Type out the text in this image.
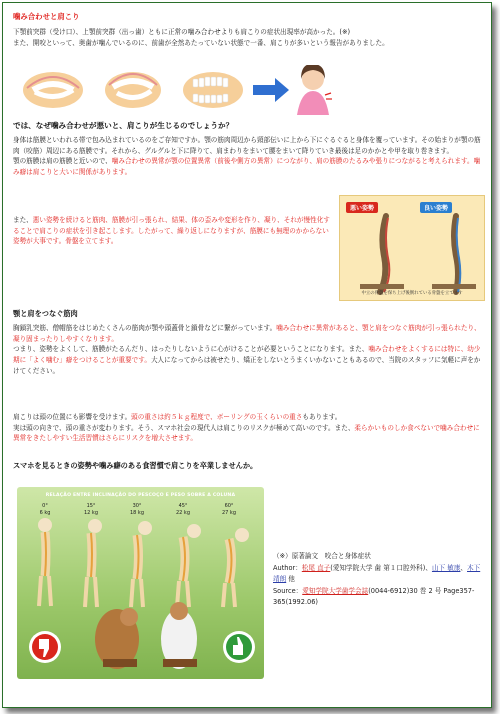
噛み合わせと肩こり

下顎前突群（受け口）、上顎前突群（出っ歯）ともに正常の噛み合わせよりも肩こりの症状出現率が高かった。(※)

また、開咬といって、奥歯が噛んでいるのに、前歯が全然あたっていない状態で一番、肩こりが多いという報告がありました。

では、なぜ噛み合わせが悪いと、肩こりが生じるのでしょうか？

身体は筋膜といわれる帯で包み込まれているのをご存知ですか。顎の筋肉周辺から頸部伝いに上から下にぐるぐると身体を覆っています。その始まりが顎の筋肉（咬筋）周辺にある筋膜です。それから、グルグルと下に降りて、肩まわりをまいて腰をまいて降りていき最後は足のかかとや甲を取り巻きます。

顎の筋膜は肩の筋膜と近いので、噛み合わせの異常が顎の位置異常（前後や側方の異常）につながり、肩の筋膜のたるみや張りにつながると考えられます。噛み癖は肩こりと大いに関係があります。

また、悪い姿勢を続けると筋肉、筋膜が引っ張られ、結果、体の歪みや変形を作り、凝り、それが慢性化することで肩こりの症状を引き起こします。したがって、繰り返しになりますが、筋膜にも無理のかからない姿勢が大事です。骨盤を立てます。

悪い姿勢	良い姿勢
中立の骨盤を保ち上げ後倒れている骨盤を立てます
顎と肩をつなぐ筋肉

胸鎖乳突筋、僧帽筋をはじめたくさんの筋肉が顎や頭蓋骨と鎖骨などに繋がっています。噛み合わせに異常があると、顎と肩をつなぐ筋肉が引っ張られたり、凝り固まったりしやすくなります。

つまり、姿勢をよくして、筋膜がたるんだり、はったりしないように心がけることが必要ということになります。また、噛み合わせをよくするには特に、幼少期に「よく噛む」癖をつけることが重要です。大人になってからは被せたり、矯正をしないとうまくいかないこともあるので、当院のスタッフに気軽に声をかけてください。

肩こりは頭の位置にも影響を受けます。頭の重さは約５ｋｇ程度で、ボーリングの玉くらいの重さもあります。

実は頭の向きで、頭の重さが変わります。そう、スマホ社会の現代人は肩こりのリスクが極めて高いのです。また、柔らかいものしか食べないで噛み合わせに異常をきたしやすい生活習慣はさらにリスクを増大させます。

スマホを見るときの姿勢や噛み癖のある食習慣で肩こりを卒業しませんか。
RELAÇÃO ENTRE INCLINAÇÃO DO PESCOÇO E PESO SOBRE A COLUNA
0°
6 kg
15°
12 kg
30°
18 kg
45°
22 kg
60°
27 kg

（※）原著論文　咬合と身体症状

Author：松尾 直子(愛知学院大学 歯 第１口腔外科)、山下 敏康、木下 靖朗 他

Source：愛知学院大学歯学会誌(0044-6912)30 巻 2 号 Page357-365(1992.06)
